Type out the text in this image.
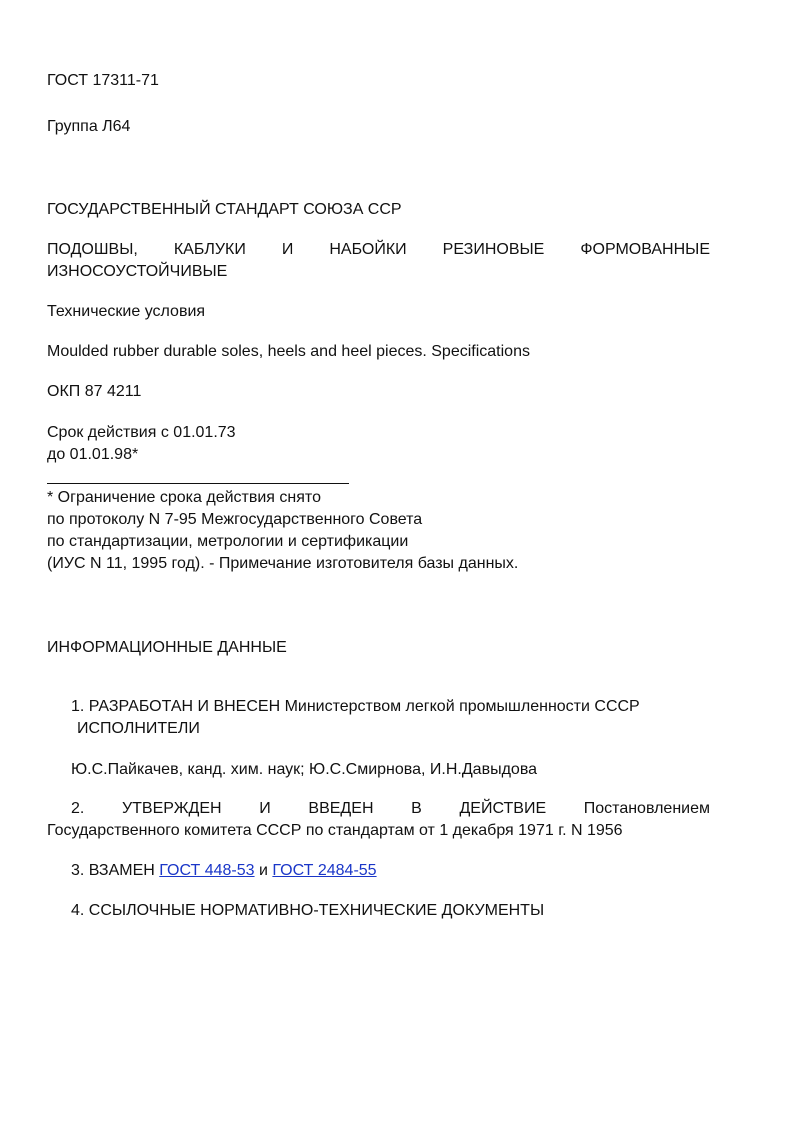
ГОСТ 17311-71
Группа Л64
ГОСУДАРСТВЕННЫЙ СТАНДАРТ СОЮЗА ССР
ПОДОШВЫ, КАБЛУКИ И НАБОЙКИ РЕЗИНОВЫЕ ФОРМОВАННЫЕ
ИЗНОСОУСТОЙЧИВЫЕ
Технические условия
Moulded rubber durable soles, heels and heel pieces. Specifications
ОКП 87 4211
Срок действия с 01.01.73
до 01.01.98*
* Ограничение срока действия снято
по протоколу N 7-95 Межгосударственного Совета
по стандартизации, метрологии и сертификации
(ИУС N 11, 1995 год). - Примечание изготовителя базы данных.
ИНФОРМАЦИОННЫЕ ДАННЫЕ
1. РАЗРАБОТАН И ВНЕСЕН Министерством легкой промышленности СССР
ИСПОЛНИТЕЛИ
Ю.С.Пайкачев, канд. хим. наук; Ю.С.Смирнова, И.Н.Давыдова
2. УТВЕРЖДЕН И ВВЕДЕН В ДЕЙСТВИЕ Постановлением
Государственного комитета СССР по стандартам от 1 декабря 1971 г. N 1956
3. ВЗАМЕН ГОСТ 448-53 и ГОСТ 2484-55
4. ССЫЛОЧНЫЕ НОРМАТИВНО-ТЕХНИЧЕСКИЕ ДОКУМЕНТЫ
